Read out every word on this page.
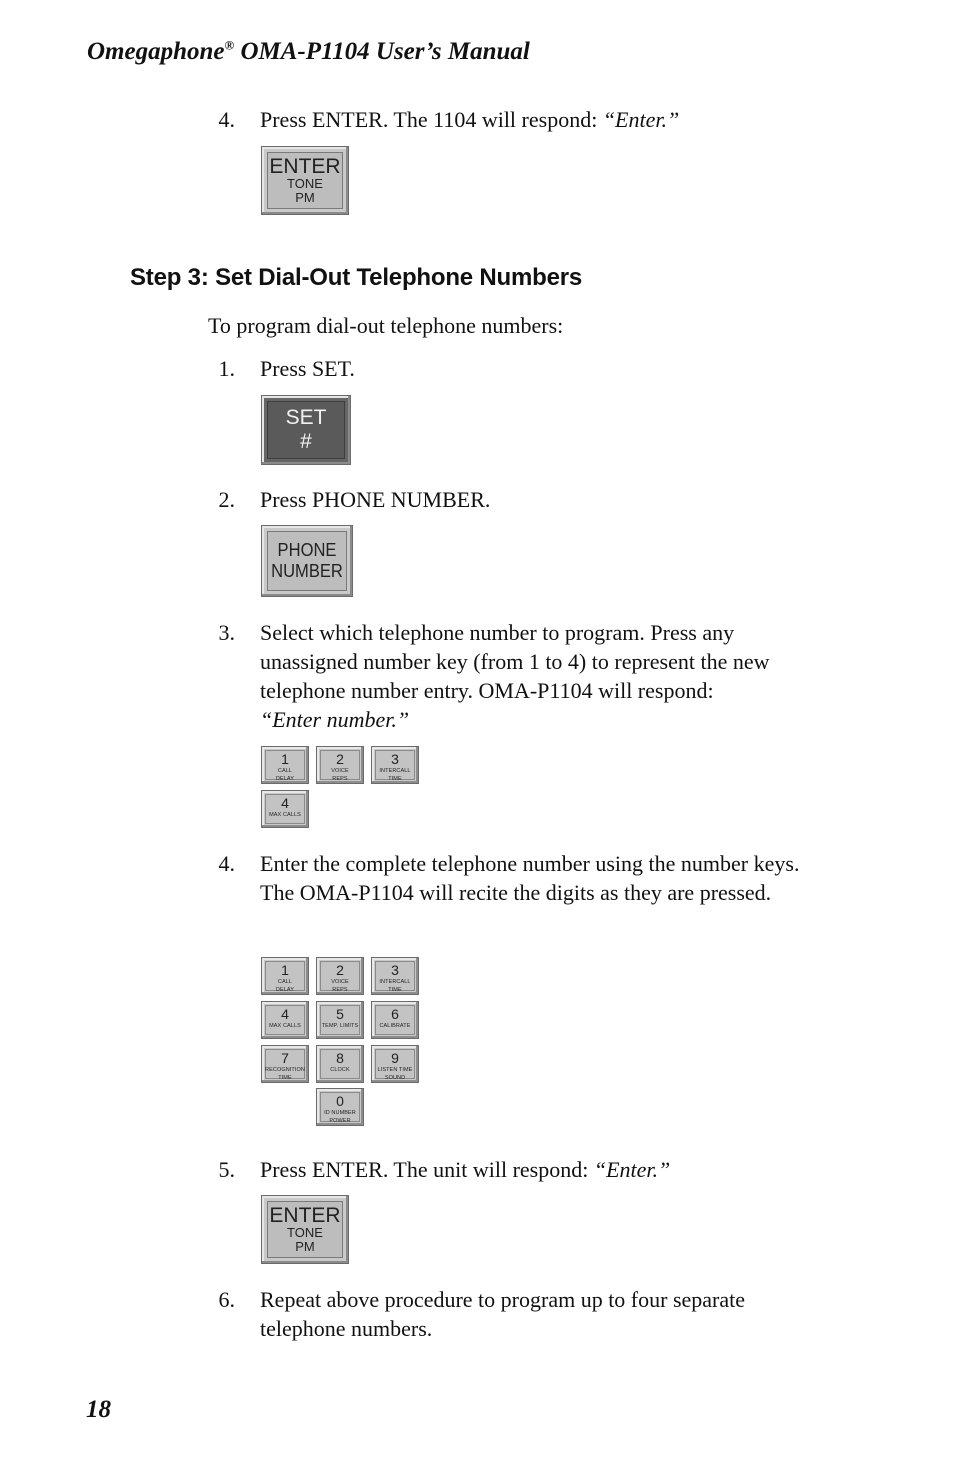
Omegaphone® OMA-P1104 User’s Manual
4. Press ENTER. The 1104 will respond: “Enter.”
ENTER
TONE
PM
Step 3: Set Dial-Out Telephone Numbers
To program dial-out telephone numbers:
1. Press SET.
SET
#
2. Press PHONE NUMBER.
PHONE
NUMBER
3. Select which telephone number to program. Press any unassigned number key (from 1 to 4) to represent the new telephone number entry. OMA-P1104 will respond:
“Enter number.”
1
CALL
DELAY
2
VOICE
REPS
3
INTERCALL
TIME
4
MAX CALLS
4. Enter the complete telephone number using the number keys. The OMA-P1104 will recite the digits as they are pressed.
1
CALL
DELAY
2
VOICE
REPS
3
INTERCALL
TIME
4
MAX CALLS
5
TEMP. LIMITS
6
CALIBRATE
7
RECOGNITION
TIME
8
CLOCK
9
LISTEN TIME
SOUND
0
ID NUMBER
POWER
5. Press ENTER. The unit will respond: “Enter.”
ENTER
TONE
PM
6. Repeat above procedure to program up to four separate telephone numbers.
18
